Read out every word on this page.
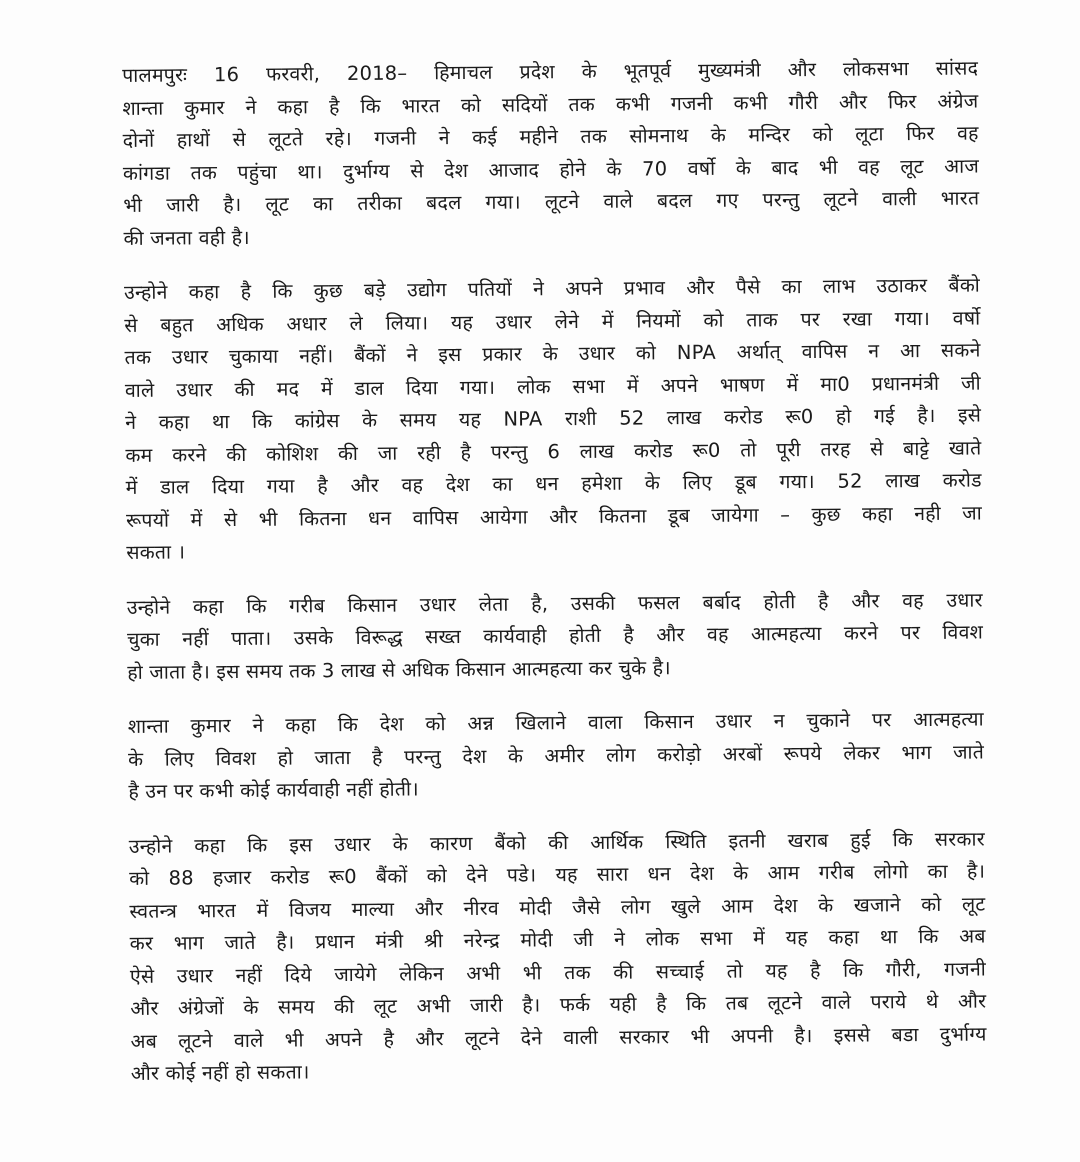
पालमपुरः 16 फरवरी, 2018– हिमाचल प्रदेश के भूतपूर्व मुख्यमंत्री और लोकसभा सांसद
शान्ता कुमार ने कहा है कि भारत को सदियों तक कभी गजनी कभी गौरी और फिर अंग्रेज
दोनों हाथों से लूटते रहे। गजनी ने कई महीने तक सोमनाथ के मन्दिर को लूटा फिर वह
कांगडा तक पहुंचा था। दुर्भाग्य से देश आजाद होने के 70 वर्षो के बाद भी वह लूट आज
भी जारी है। लूट का तरीका बदल गया। लूटने वाले बदल गए परन्तु लूटने वाली भारत
की जनता वही है।
उन्होने कहा है कि कुछ बड़े उद्योग पतियों ने अपने प्रभाव और पैसे का लाभ उठाकर बैंको
से बहुत अधिक अधार ले लिया। यह उधार लेने में नियमों को ताक पर रखा गया। वर्षो
तक उधार चुकाया नहीं। बैंकों ने इस प्रकार के उधार को NPA अर्थात् वापिस न आ सकने
वाले उधार की मद में डाल दिया गया। लोक सभा में अपने भाषण में मा0 प्रधानमंत्री जी
ने कहा था कि कांग्रेस के समय यह NPA राशी 52 लाख करोड रू0 हो गई है। इसे
कम करने की कोशिश की जा रही है परन्तु 6 लाख करोड रू0 तो पूरी तरह से बाट्टे खाते
में डाल दिया गया है और वह देश का धन हमेशा के लिए डूब गया। 52 लाख करोड
रूपयों में से भी कितना धन वापिस आयेगा और कितना डूब जायेगा – कुछ कहा नही जा
सकता ।
उन्होने कहा कि गरीब किसान उधार लेता है, उसकी फसल बर्बाद होती है और वह उधार
चुका नहीं पाता। उसके विरूद्ध सख्त कार्यवाही होती है और वह आत्महत्या करने पर विवश
हो जाता है। इस समय तक 3 लाख से अधिक किसान आत्महत्या कर चुके है।
शान्ता कुमार ने कहा कि देश को अन्न खिलाने वाला किसान उधार न चुकाने पर आत्महत्या
के लिए विवश हो जाता है परन्तु देश के अमीर लोग करोड़ो अरबों रूपये लेकर भाग जाते
है उन पर कभी कोई कार्यवाही नहीं होती।
उन्होने कहा कि इस उधार के कारण बैंको की आर्थिक स्थिति इतनी खराब हुई कि सरकार
को 88 हजार करोड रू0 बैंकों को देने पडे। यह सारा धन देश के आम गरीब लोगो का है।
स्वतन्त्र भारत में विजय माल्या और नीरव मोदी जैसे लोग खुले आम देश के खजाने को लूट
कर भाग जाते है। प्रधान मंत्री श्री नरेन्द्र मोदी जी ने लोक सभा में यह कहा था कि अब
ऐसे उधार नहीं दिये जायेगे लेकिन अभी भी तक की सच्चाई तो यह है कि गौरी, गजनी
और अंग्रेजों के समय की लूट अभी जारी है। फर्क यही है कि तब लूटने वाले पराये थे और
अब लूटने वाले भी अपने है और लूटने देने वाली सरकार भी अपनी है। इससे बडा दुर्भाग्य
और कोई नहीं हो सकता।
